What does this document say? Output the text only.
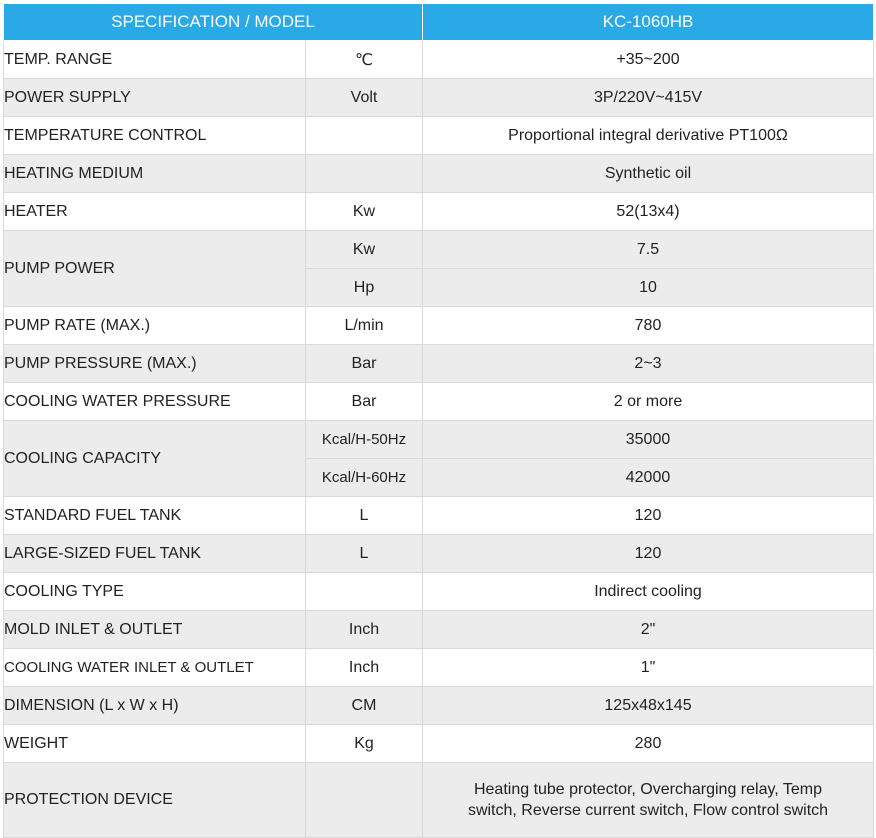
SPECIFICATION / MODEL		KC-1060HB
TEMP. RANGE	℃	+35~200
POWER SUPPLY	Volt	3P/220V~415V
TEMPERATURE CONTROL		Proportional integral derivative PT100Ω
HEATING MEDIUM		Synthetic oil
HEATER	Kw	52(13x4)
PUMP POWER	Kw	7.5
	Hp	10
PUMP RATE (MAX.)	L/min	780
PUMP PRESSURE (MAX.)	Bar	2~3
COOLING WATER PRESSURE	Bar	2 or more
COOLING CAPACITY	Kcal/H-50Hz	35000
	Kcal/H-60Hz	42000
STANDARD FUEL TANK	L	120
LARGE-SIZED FUEL TANK	L	120
COOLING TYPE		Indirect cooling
MOLD INLET & OUTLET	Inch	2"
COOLING WATER INLET & OUTLET	Inch	1"
DIMENSION (L x W x H)	CM	125x48x145
WEIGHT	Kg	280
PROTECTION DEVICE		Heating tube protector, Overcharging relay, Temp
switch, Reverse current switch, Flow control switch
